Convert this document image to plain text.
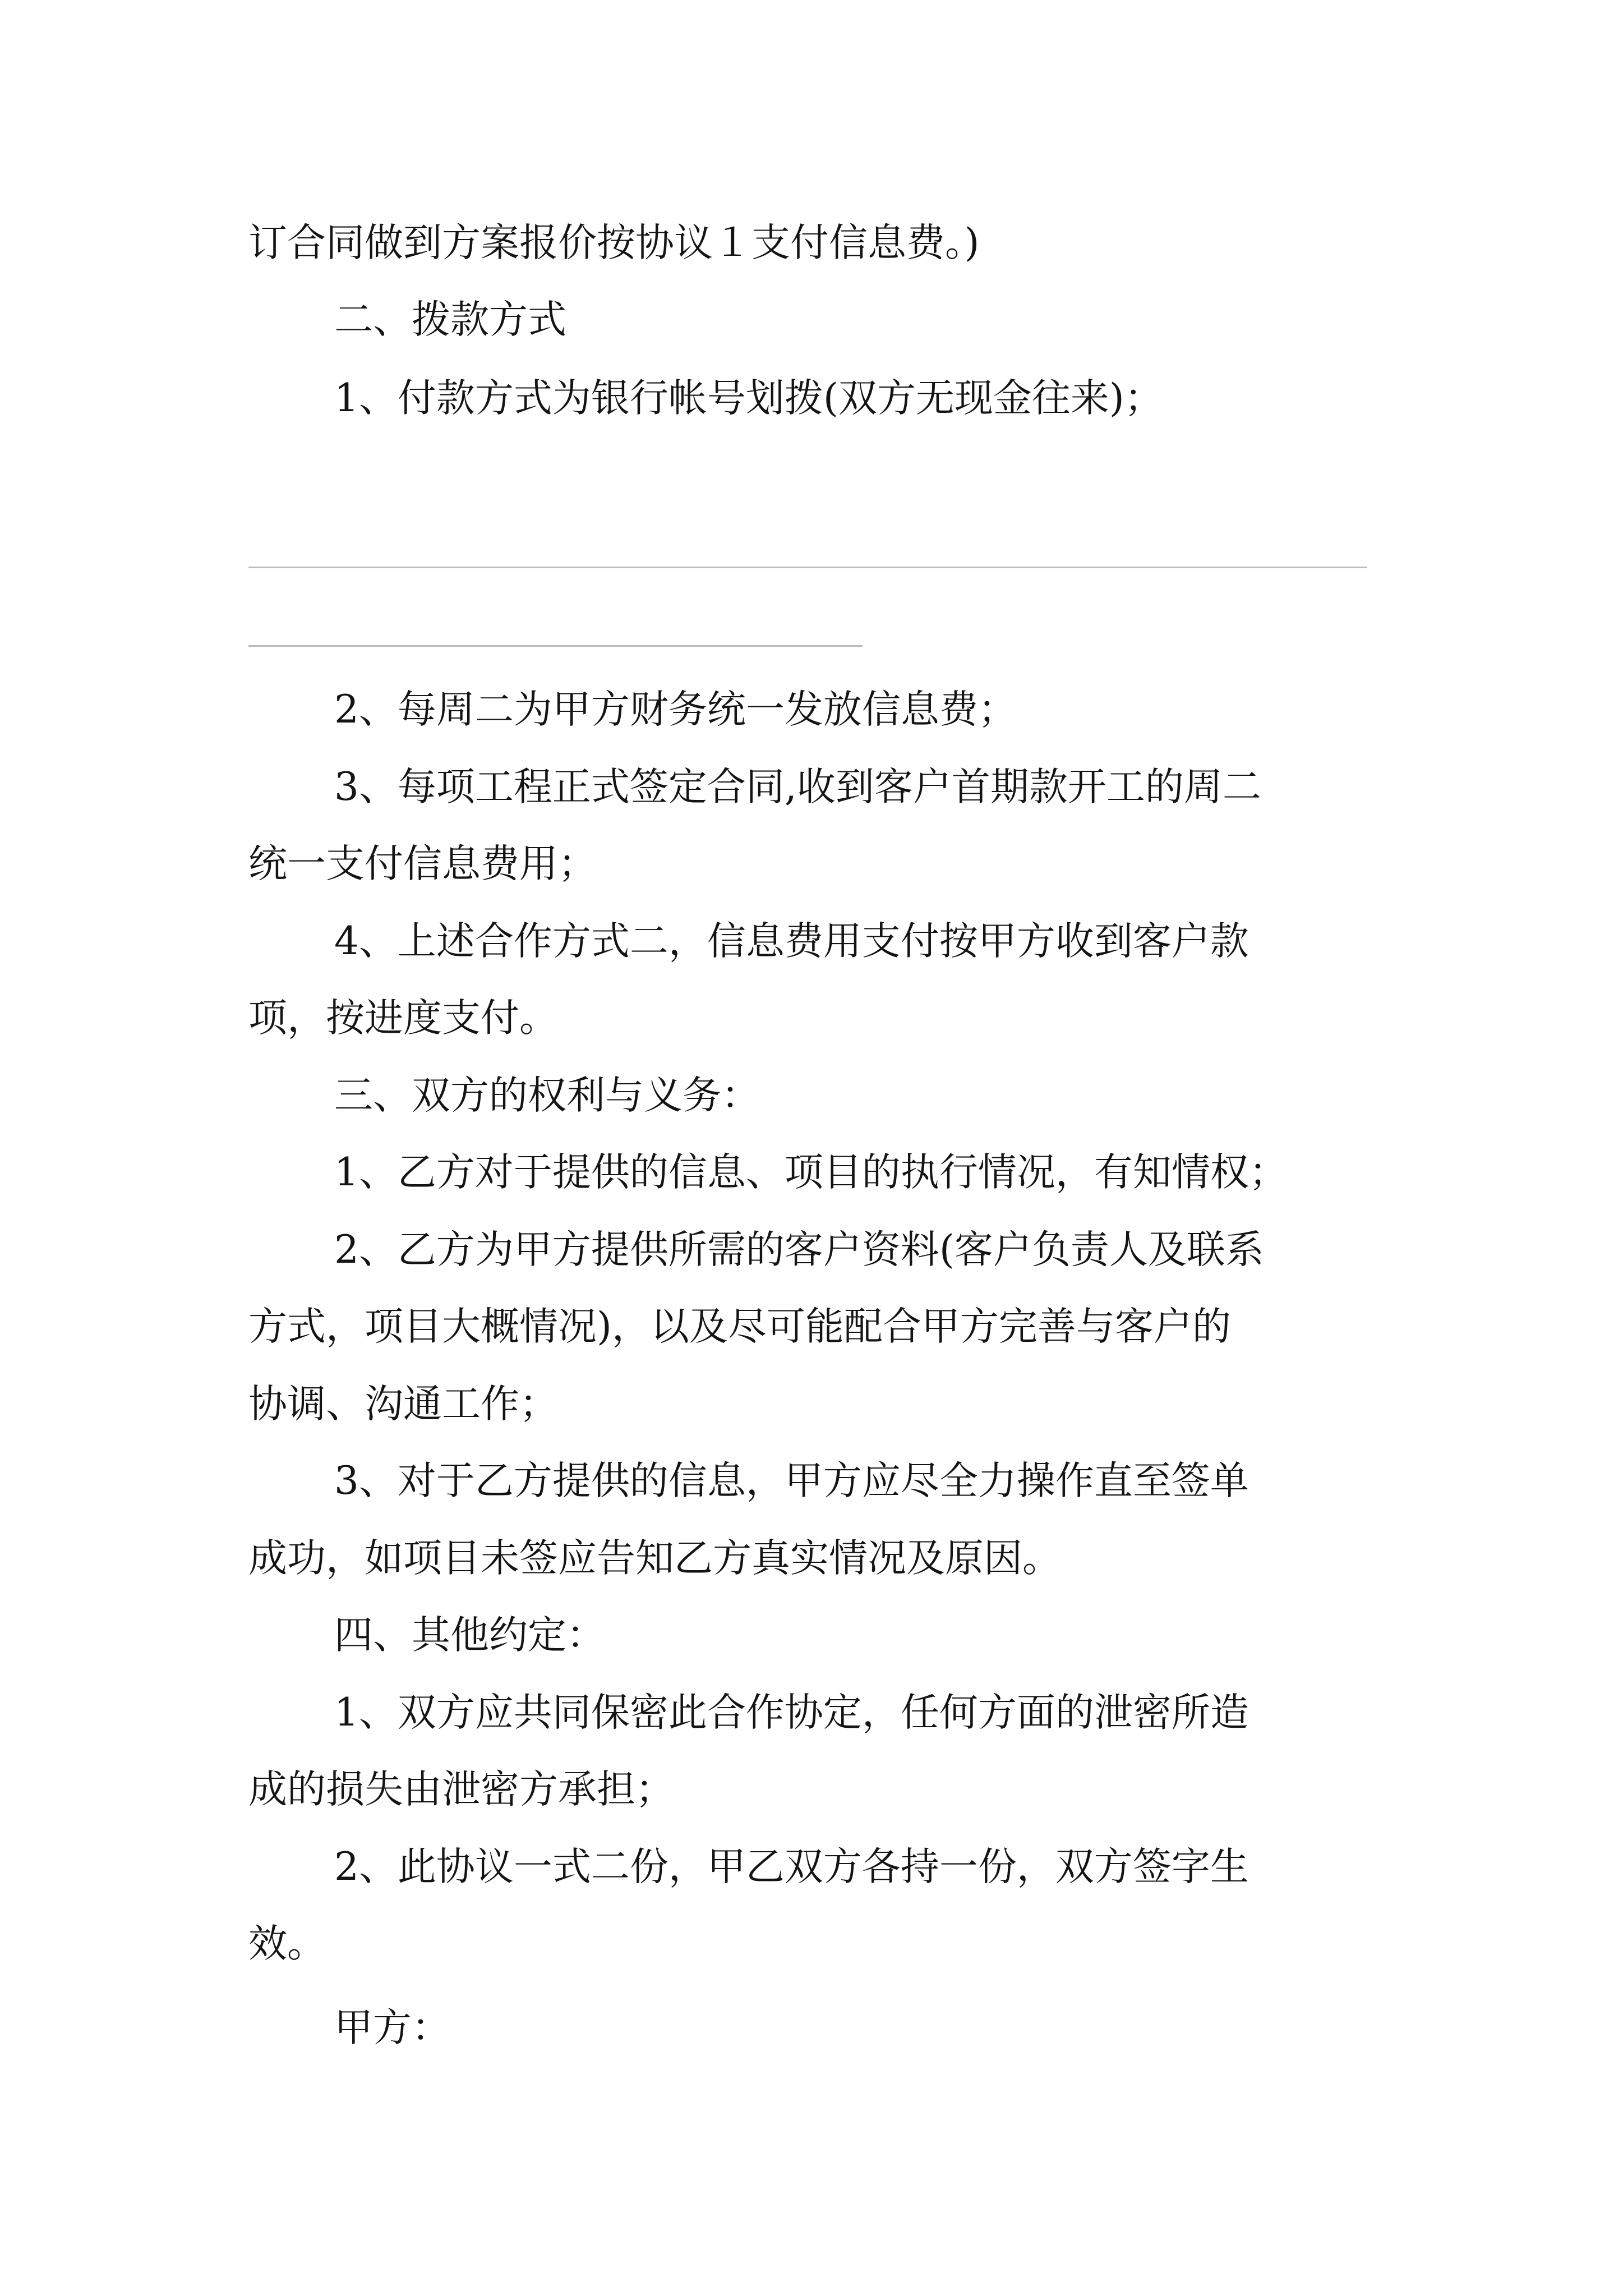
订合同做到方案报价按协议１支付信息费。)

二、拨款方式

1、付款方式为银行帐号划拨(双方无现金往来)；

2、每周二为甲方财务统一发放信息费；

3、每项工程正式签定合同,收到客户首期款开工的周二

统一支付信息费用；

4、上述合作方式二，信息费用支付按甲方收到客户款

项，按进度支付。

三、双方的权利与义务：

1、乙方对于提供的信息、项目的执行情况，有知情权；

2、乙方为甲方提供所需的客户资料(客户负责人及联系

方式，项目大概情况)，以及尽可能配合甲方完善与客户的

协调、沟通工作；

3、对于乙方提供的信息，甲方应尽全力操作直至签单

成功，如项目未签应告知乙方真实情况及原因。

四、其他约定：

1、双方应共同保密此合作协定，任何方面的泄密所造

成的损失由泄密方承担；

2、此协议一式二份，甲乙双方各持一份，双方签字生

效。

甲方：
